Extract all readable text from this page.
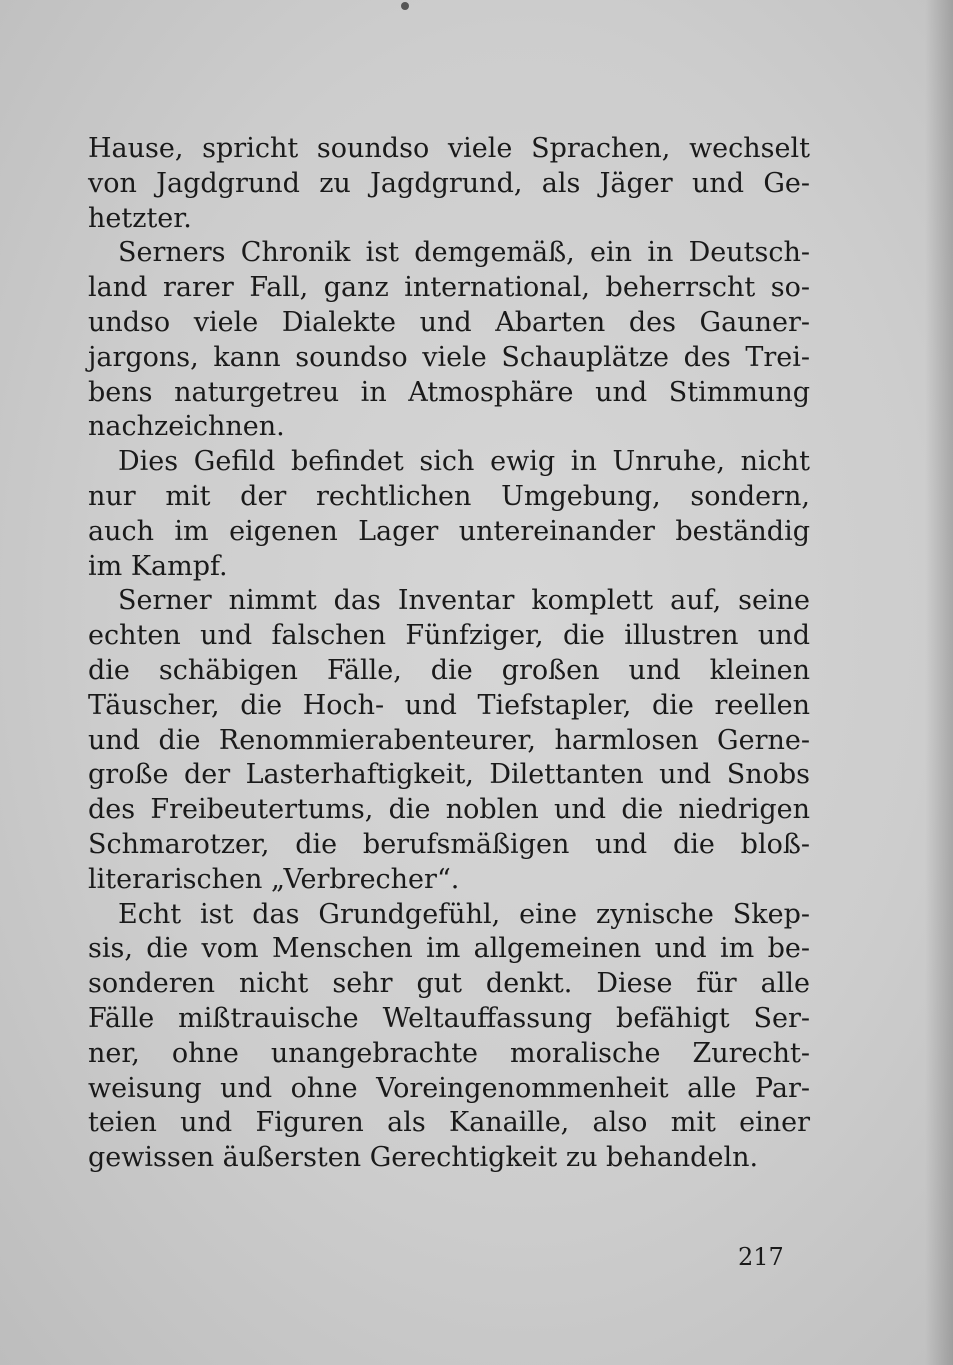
Hause, spricht soundso viele Sprachen, wechselt
von Jagdgrund zu Jagdgrund, als Jäger und Ge-
hetzter.
Serners Chronik ist demgemäß, ein in Deutsch-
land rarer Fall, ganz international, beherrscht so-
undso viele Dialekte und Abarten des Gauner-
jargons, kann soundso viele Schauplätze des Trei-
bens naturgetreu in Atmosphäre und Stimmung
nachzeichnen.
Dies Gefild befindet sich ewig in Unruhe, nicht
nur mit der rechtlichen Umgebung, sondern,
auch im eigenen Lager untereinander beständig
im Kampf.
Serner nimmt das Inventar komplett auf, seine
echten und falschen Fünfziger, die illustren und
die schäbigen Fälle, die großen und kleinen
Täuscher, die Hoch- und Tiefstapler, die reellen
und die Renommierabenteurer, harmlosen Gerne-
große der Lasterhaftigkeit, Dilettanten und Snobs
des Freibeutertums, die noblen und die niedrigen
Schmarotzer, die berufsmäßigen und die bloß-
literarischen „Verbrecher“.
Echt ist das Grundgefühl, eine zynische Skep-
sis, die vom Menschen im allgemeinen und im be-
sonderen nicht sehr gut denkt. Diese für alle
Fälle mißtrauische Weltauffassung befähigt Ser-
ner, ohne unangebrachte moralische Zurecht-
weisung und ohne Voreingenommenheit alle Par-
teien und Figuren als Kanaille, also mit einer
gewissen äußersten Gerechtigkeit zu behandeln.
217
